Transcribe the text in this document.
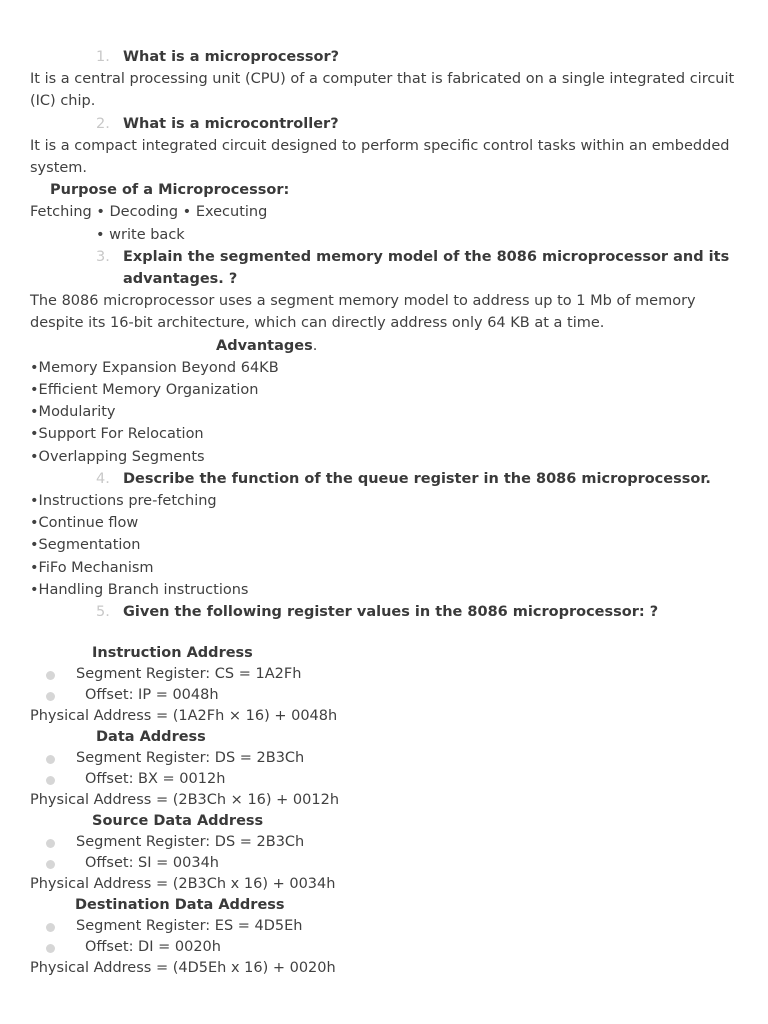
1. What is a microprocessor?

It is a central processing unit (CPU) of a computer that is fabricated on a single integrated circuit (IC) chip.

2. What is a microcontroller?

It is a compact integrated circuit designed to perform specific control tasks within an embedded system.

Purpose of a Microprocessor:

Fetching • Decoding • Executing

• write back

3. Explain the segmented memory model of the 8086 microprocessor and its advantages. ?

The 8086 microprocessor uses a segment memory model to address up to 1 Mb of memory despite its 16-bit architecture, which can directly address only 64 KB at a time.

Advantages.

•Memory Expansion Beyond 64KB

•Efficient Memory Organization

•Modularity

•Support For Relocation

•Overlapping Segments

4. Describe the function of the queue register in the 8086 microprocessor.

•Instructions pre-fetching

•Continue flow

•Segmentation

•FiFo Mechanism

•Handling Branch instructions

5. Given the following register values in the 8086 microprocessor: ?

Instruction Address

Segment Register: CS = 1A2Fh
Offset: IP = 0048h

Physical Address = (1A2Fh × 16) + 0048h

Data Address

Segment Register: DS = 2B3Ch
Offset: BX = 0012h

Physical Address = (2B3Ch × 16) + 0012h

Source Data Address

Segment Register: DS = 2B3Ch
Offset: SI = 0034h

Physical Address = (2B3Ch x 16) + 0034h

Destination Data Address

Segment Register: ES = 4D5Eh
Offset: DI = 0020h

Physical Address = (4D5Eh x 16) + 0020h
